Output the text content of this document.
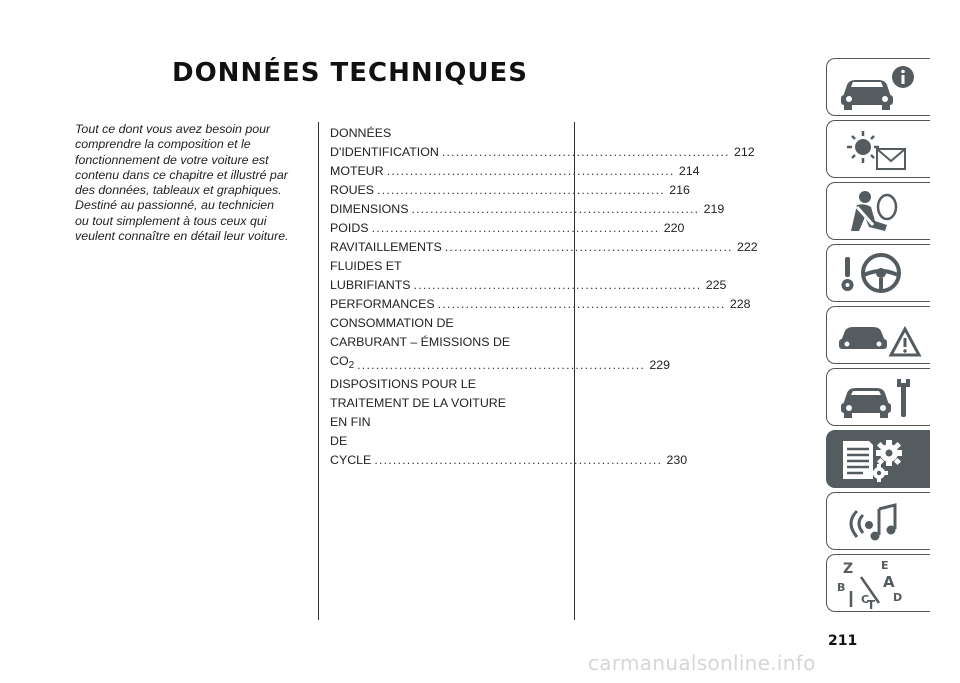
DONNÉES TECHNIQUES
Tout ce dont vous avez besoin pour
comprendre la composition et le
fonctionnement de votre voiture est
contenu dans ce chapitre et illustré par
des données, tableaux et graphiques.
Destiné au passionné, au technicien
ou tout simplement à tous ceux qui
veulent connaître en détail leur voiture.
DONNÉES D'IDENTIFICATION .............................................................. 212
MOTEUR .............................................................. 214
ROUES .............................................................. 216
DIMENSIONS .............................................................. 219
POIDS .............................................................. 220
RAVITAILLEMENTS .............................................................. 222
FLUIDES ET LUBRIFIANTS .............................................................. 225
PERFORMANCES .............................................................. 228
CONSOMMATION DE
CARBURANT – ÉMISSIONS DE
$CO_2$ .............................................................. 229
DISPOSITIONS POUR LE
TRAITEMENT DE LA VOITURE
EN FIN DE CYCLE .............................................................. 230
Z	E
A
B
C
T
D
211
carmanualsonline.info
